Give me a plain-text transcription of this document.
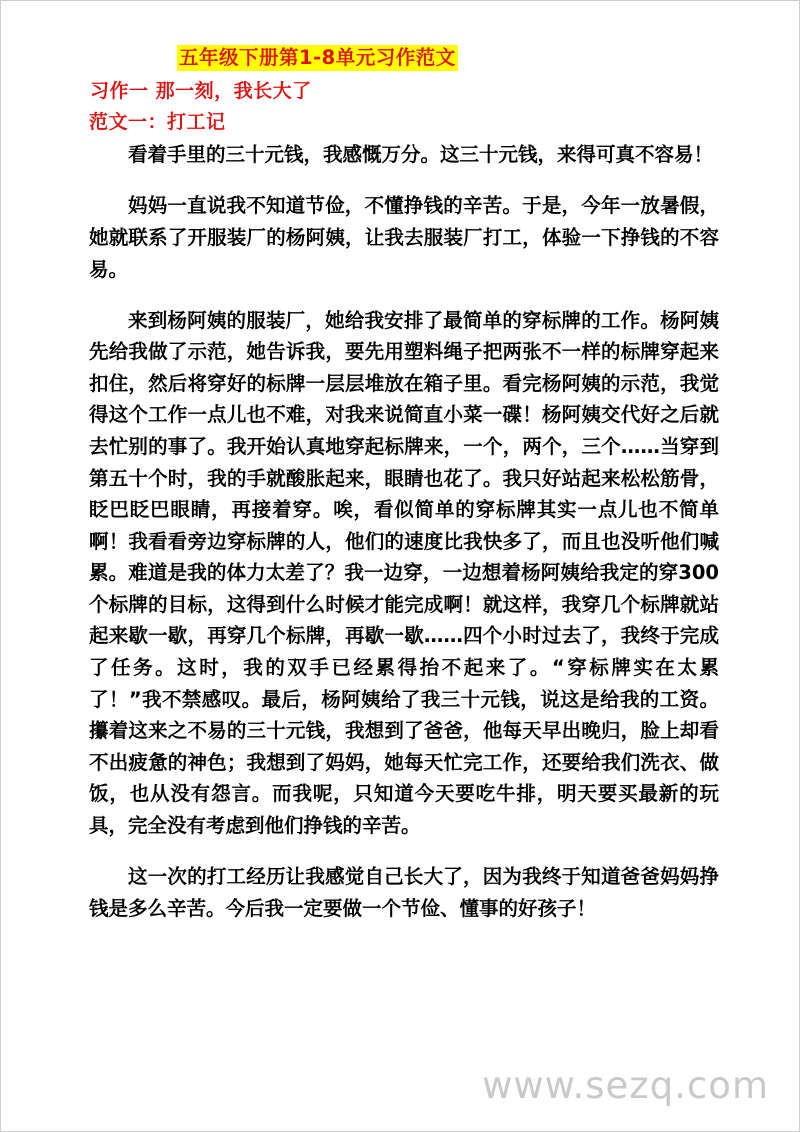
五年级下册第1-8单元习作范文
习作一 那一刻，我长大了
范文一：打工记

看着手里的三十元钱，我感慨万分。这三十元钱，来得可真不容易！

妈妈一直说我不知道节俭，不懂挣钱的辛苦。于是，今年一放暑假，她就联系了开服装厂的杨阿姨，让我去服装厂打工，体验一下挣钱的不容易。

来到杨阿姨的服装厂，她给我安排了最简单的穿标牌的工作。杨阿姨先给我做了示范，她告诉我，要先用塑料绳子把两张不一样的标牌穿起来扣住，然后将穿好的标牌一层层堆放在箱子里。看完杨阿姨的示范，我觉得这个工作一点儿也不难，对我来说简直小菜一碟！杨阿姨交代好之后就去忙别的事了。我开始认真地穿起标牌来，一个，两个，三个……当穿到第五十个时，我的手就酸胀起来，眼睛也花了。我只好站起来松松筋骨，眨巴眨巴眼睛，再接着穿。唉，看似简单的穿标牌其实一点儿也不简单啊！我看看旁边穿标牌的人，他们的速度比我快多了，而且也没听他们喊累。难道是我的体力太差了？我一边穿，一边想着杨阿姨给我定的穿300个标牌的目标，这得到什么时候才能完成啊！就这样，我穿几个标牌就站起来歇一歇，再穿几个标牌，再歇一歇……四个小时过去了，我终于完成了任务。这时，我的双手已经累得抬不起来了。“穿标牌实在太累了！”我不禁感叹。最后，杨阿姨给了我三十元钱，说这是给我的工资。攥着这来之不易的三十元钱，我想到了爸爸，他每天早出晚归，脸上却看不出疲惫的神色；我想到了妈妈，她每天忙完工作，还要给我们洗衣、做饭，也从没有怨言。而我呢，只知道今天要吃牛排，明天要买最新的玩具，完全没有考虑到他们挣钱的辛苦。

这一次的打工经历让我感觉自己长大了，因为我终于知道爸爸妈妈挣钱是多么辛苦。今后我一定要做一个节俭、懂事的好孩子！

www.sezq.com
